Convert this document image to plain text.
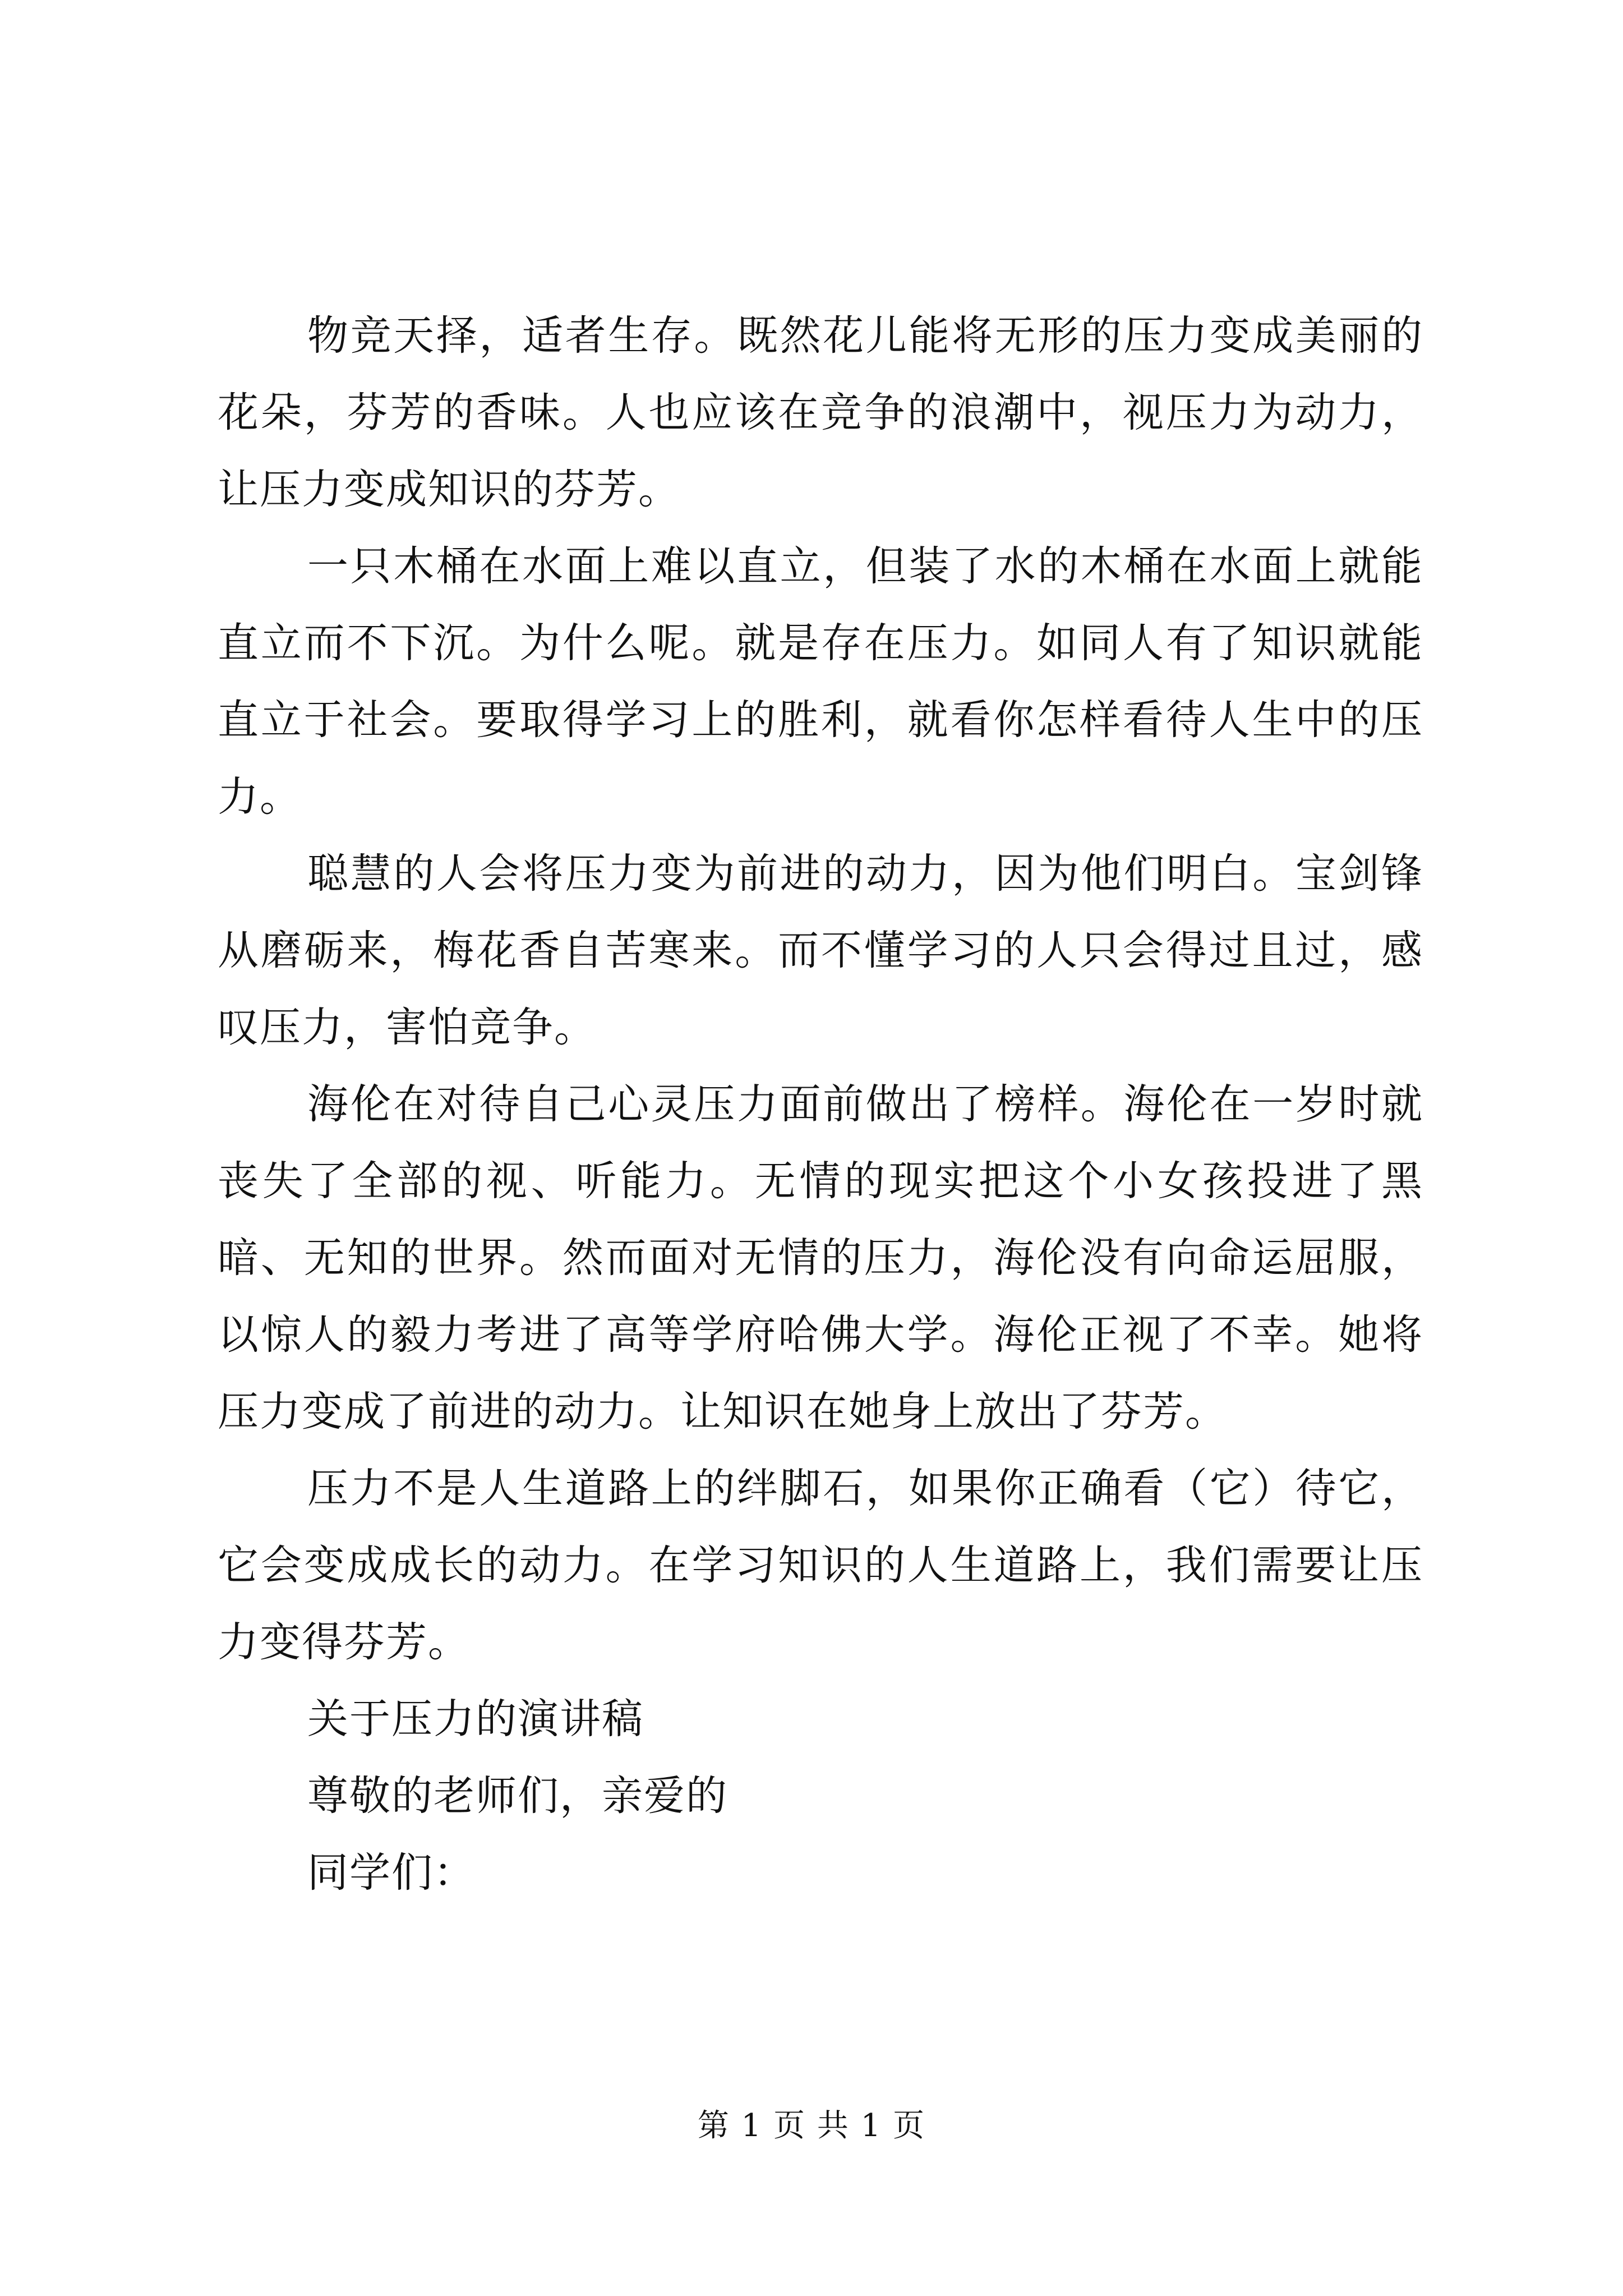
物竞天择，适者生存。既然花儿能将无形的压力变成美丽的花朵，芬芳的香味。人也应该在竞争的浪潮中，视压力为动力，让压力变成知识的芬芳。

一只木桶在水面上难以直立，但装了水的木桶在水面上就能直立而不下沉。为什么呢。就是存在压力。如同人有了知识就能直立于社会。要取得学习上的胜利，就看你怎样看待人生中的压力。

聪慧的人会将压力变为前进的动力，因为他们明白。宝剑锋从磨砺来，梅花香自苦寒来。而不懂学习的人只会得过且过，感叹压力，害怕竞争。

海伦在对待自己心灵压力面前做出了榜样。海伦在一岁时就丧失了全部的视、听能力。无情的现实把这个小女孩投进了黑暗、无知的世界。然而面对无情的压力，海伦没有向命运屈服，以惊人的毅力考进了高等学府哈佛大学。海伦正视了不幸。她将压力变成了前进的动力。让知识在她身上放出了芬芳。

压力不是人生道路上的绊脚石，如果你正确看（它）待它，它会变成成长的动力。在学习知识的人生道路上，我们需要让压力变得芬芳。

关于压力的演讲稿

尊敬的老师们，亲爱的

同学们：

第 1 页 共 1 页
